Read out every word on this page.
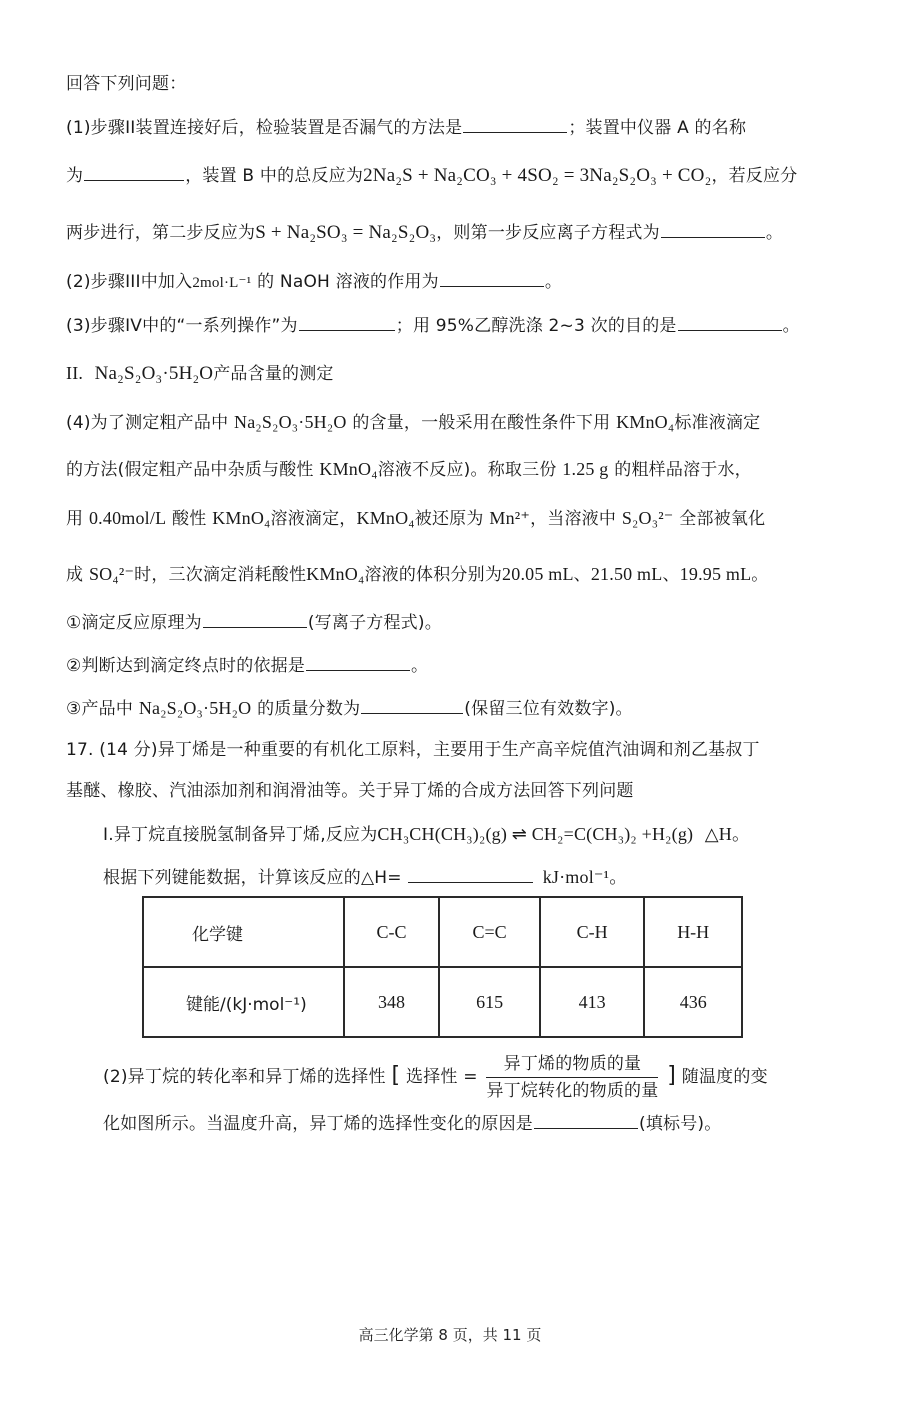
回答下列问题：
(1)步骤II装置连接好后，检验装置是否漏气的方法是	；装置中仪器 A 的名称
为	，装置 B 中的总反应为2Na₂S + Na₂CO₃ + 4SO₂ = 3Na₂S₂O₃ + CO₂，若反应分
两步进行，第二步反应为S + Na₂SO₃ = Na₂S₂O₃，则第一步反应离子方程式为	。
(2)步骤III中加入2mol·L⁻¹ 的 NaOH 溶液的作用为	。
(3)步骤IV中的“一系列操作”为	；用 95%乙醇洗涤 2~3 次的目的是	。
II. Na₂S₂O₃·5H₂O产品含量的测定
(4)为了测定粗产品中 Na₂S₂O₃·5H₂O 的含量，一般采用在酸性条件下用 KMnO₄标准液滴定
的方法(假定粗产品中杂质与酸性 KMnO₄溶液不反应)。称取三份 1.25 g 的粗样品溶于水，
用 0.40mol/L 酸性 KMnO₄溶液滴定，KMnO₄被还原为 Mn²⁺，当溶液中 S₂O₃²⁻ 全部被氧化
成 SO₄²⁻时，三次滴定消耗酸性KMnO₄溶液的体积分别为20.05 mL、21.50 mL、19.95 mL。
①滴定反应原理为	(写离子方程式)。
②判断达到滴定终点时的依据是	。
③产品中 Na₂S₂O₃·5H₂O 的质量分数为	(保留三位有效数字)。
17. (14 分)异丁烯是一种重要的有机化工原料，主要用于生产高辛烷值汽油调和剂乙基叔丁
基醚、橡胶、汽油添加剂和润滑油等。关于异丁烯的合成方法回答下列问题
Ⅰ.异丁烷直接脱氢制备异丁烯,反应为CH₃CH(CH₃)₂(g) ⇌ CH₂=C(CH₃)₂ +H₂(g) △H。
根据下列键能数据，计算该反应的△H=	kJ·mol⁻¹。
化学键	C-C	C=C	C-H	H-H
键能/(kJ·mol⁻¹)	348	615	413	436
(2)异丁烷的转化率和异丁烯的选择性 [ 选择性 = $\frac{\text{异丁烯的物质的量}}{\text{异丁烷转化的物质的量}}$ ] 随温度的变
化如图所示。当温度升高，异丁烯的选择性变化的原因是	(填标号)。
高三化学第 8 页，共 11 页
